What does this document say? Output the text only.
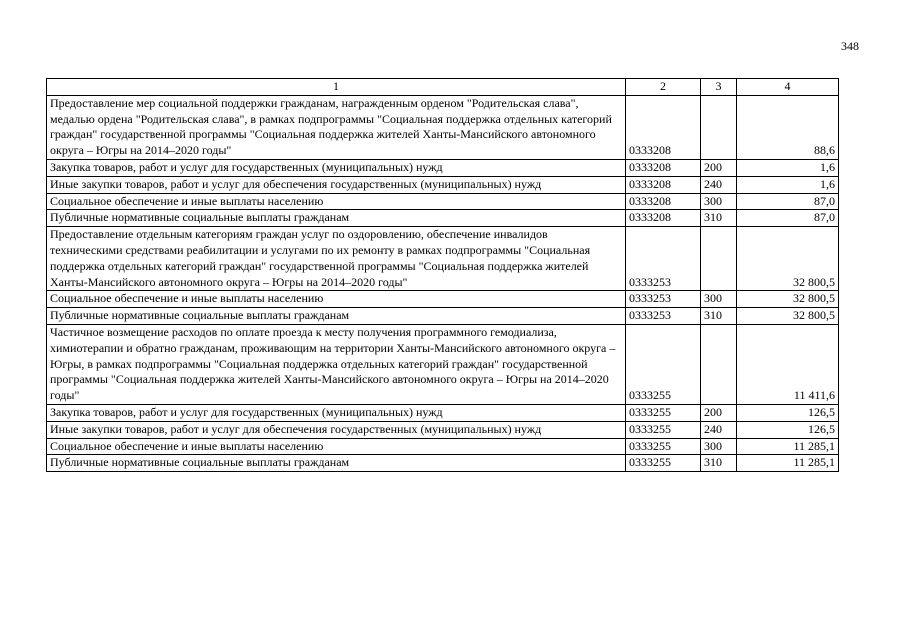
348
1	2	3	4
Предоставление мер социальной поддержки гражданам, награжденным орденом "Родительская слава", медалью ордена "Родительская слава", в рамках подпрограммы "Социальная поддержка отдельных категорий граждан" государственной программы "Социальная поддержка жителей Ханты-Мансийского автономного округа – Югры на 2014–2020 годы"	0333208		88,6
Закупка товаров, работ и услуг для государственных (муниципальных) нужд	0333208	200	1,6
Иные закупки товаров, работ и услуг для обеспечения государственных (муниципальных) нужд	0333208	240	1,6
Социальное обеспечение и иные выплаты населению	0333208	300	87,0
Публичные нормативные социальные выплаты гражданам	0333208	310	87,0
Предоставление отдельным категориям граждан услуг по оздоровлению, обеспечение инвалидов техническими средствами реабилитации и услугами по их ремонту в рамках подпрограммы "Социальная поддержка отдельных категорий граждан" государственной программы "Социальная поддержка жителей Ханты-Мансийского автономного округа – Югры на 2014–2020 годы"	0333253		32 800,5
Социальное обеспечение и иные выплаты населению	0333253	300	32 800,5
Публичные нормативные социальные выплаты гражданам	0333253	310	32 800,5
Частичное возмещение расходов по оплате проезда к месту получения программного гемодиализа, химиотерапии и обратно гражданам, проживающим на территории Ханты-Мансийского автономного округа – Югры, в рамках подпрограммы "Социальная поддержка отдельных категорий граждан" государственной программы "Социальная поддержка жителей Ханты-Мансийского автономного округа – Югры на 2014–2020 годы"	0333255		11 411,6
Закупка товаров, работ и услуг для государственных (муниципальных) нужд	0333255	200	126,5
Иные закупки товаров, работ и услуг для обеспечения государственных (муниципальных) нужд	0333255	240	126,5
Социальное обеспечение и иные выплаты населению	0333255	300	11 285,1
Публичные нормативные социальные выплаты гражданам	0333255	310	11 285,1
